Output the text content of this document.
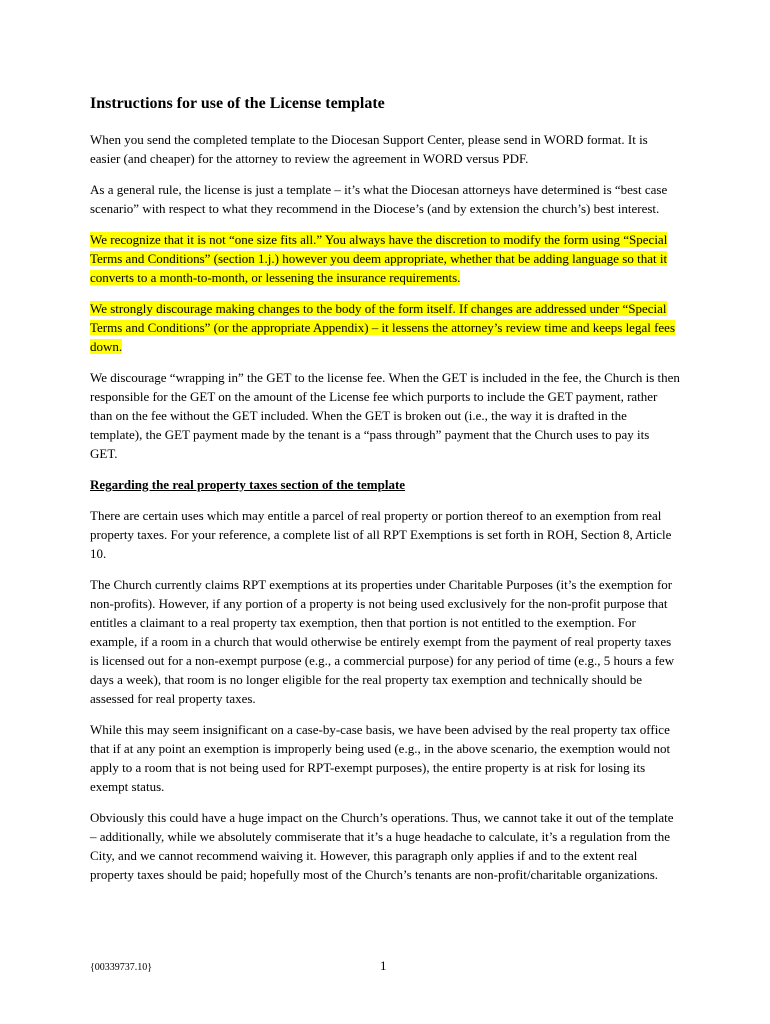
Instructions for use of the License template

When you send the completed template to the Diocesan Support Center, please send in WORD format. It is easier (and cheaper) for the attorney to review the agreement in WORD versus PDF.

As a general rule, the license is just a template – it’s what the Diocesan attorneys have determined is “best case scenario” with respect to what they recommend in the Diocese’s (and by extension the church’s) best interest.

We recognize that it is not “one size fits all.” You always have the discretion to modify the form using “Special Terms and Conditions” (section 1.j.) however you deem appropriate, whether that be adding language so that it converts to a month-to-month, or lessening the insurance requirements.

We strongly discourage making changes to the body of the form itself. If changes are addressed under “Special Terms and Conditions” (or the appropriate Appendix) – it lessens the attorney’s review time and keeps legal fees down.

We discourage “wrapping in” the GET to the license fee. When the GET is included in the fee, the Church is then responsible for the GET on the amount of the License fee which purports to include the GET payment, rather than on the fee without the GET included. When the GET is broken out (i.e., the way it is drafted in the template), the GET payment made by the tenant is a “pass through” payment that the Church uses to pay its GET.

Regarding the real property taxes section of the template

There are certain uses which may entitle a parcel of real property or portion thereof to an exemption from real property taxes. For your reference, a complete list of all RPT Exemptions is set forth in ROH, Section 8, Article 10.

The Church currently claims RPT exemptions at its properties under Charitable Purposes (it’s the exemption for non-profits). However, if any portion of a property is not being used exclusively for the non-profit purpose that entitles a claimant to a real property tax exemption, then that portion is not entitled to the exemption. For example, if a room in a church that would otherwise be entirely exempt from the payment of real property taxes is licensed out for a non-exempt purpose (e.g., a commercial purpose) for any period of time (e.g., 5 hours a few days a week), that room is no longer eligible for the real property tax exemption and technically should be assessed for real property taxes.

While this may seem insignificant on a case-by-case basis, we have been advised by the real property tax office that if at any point an exemption is improperly being used (e.g., in the above scenario, the exemption would not apply to a room that is not being used for RPT-exempt purposes), the entire property is at risk for losing its exempt status.

Obviously this could have a huge impact on the Church’s operations. Thus, we cannot take it out of the template – additionally, while we absolutely commiserate that it’s a huge headache to calculate, it’s a regulation from the City, and we cannot recommend waiving it. However, this paragraph only applies if and to the extent real property taxes should be paid; hopefully most of the Church’s tenants are non-profit/charitable organizations.

{00339737.10}	1
